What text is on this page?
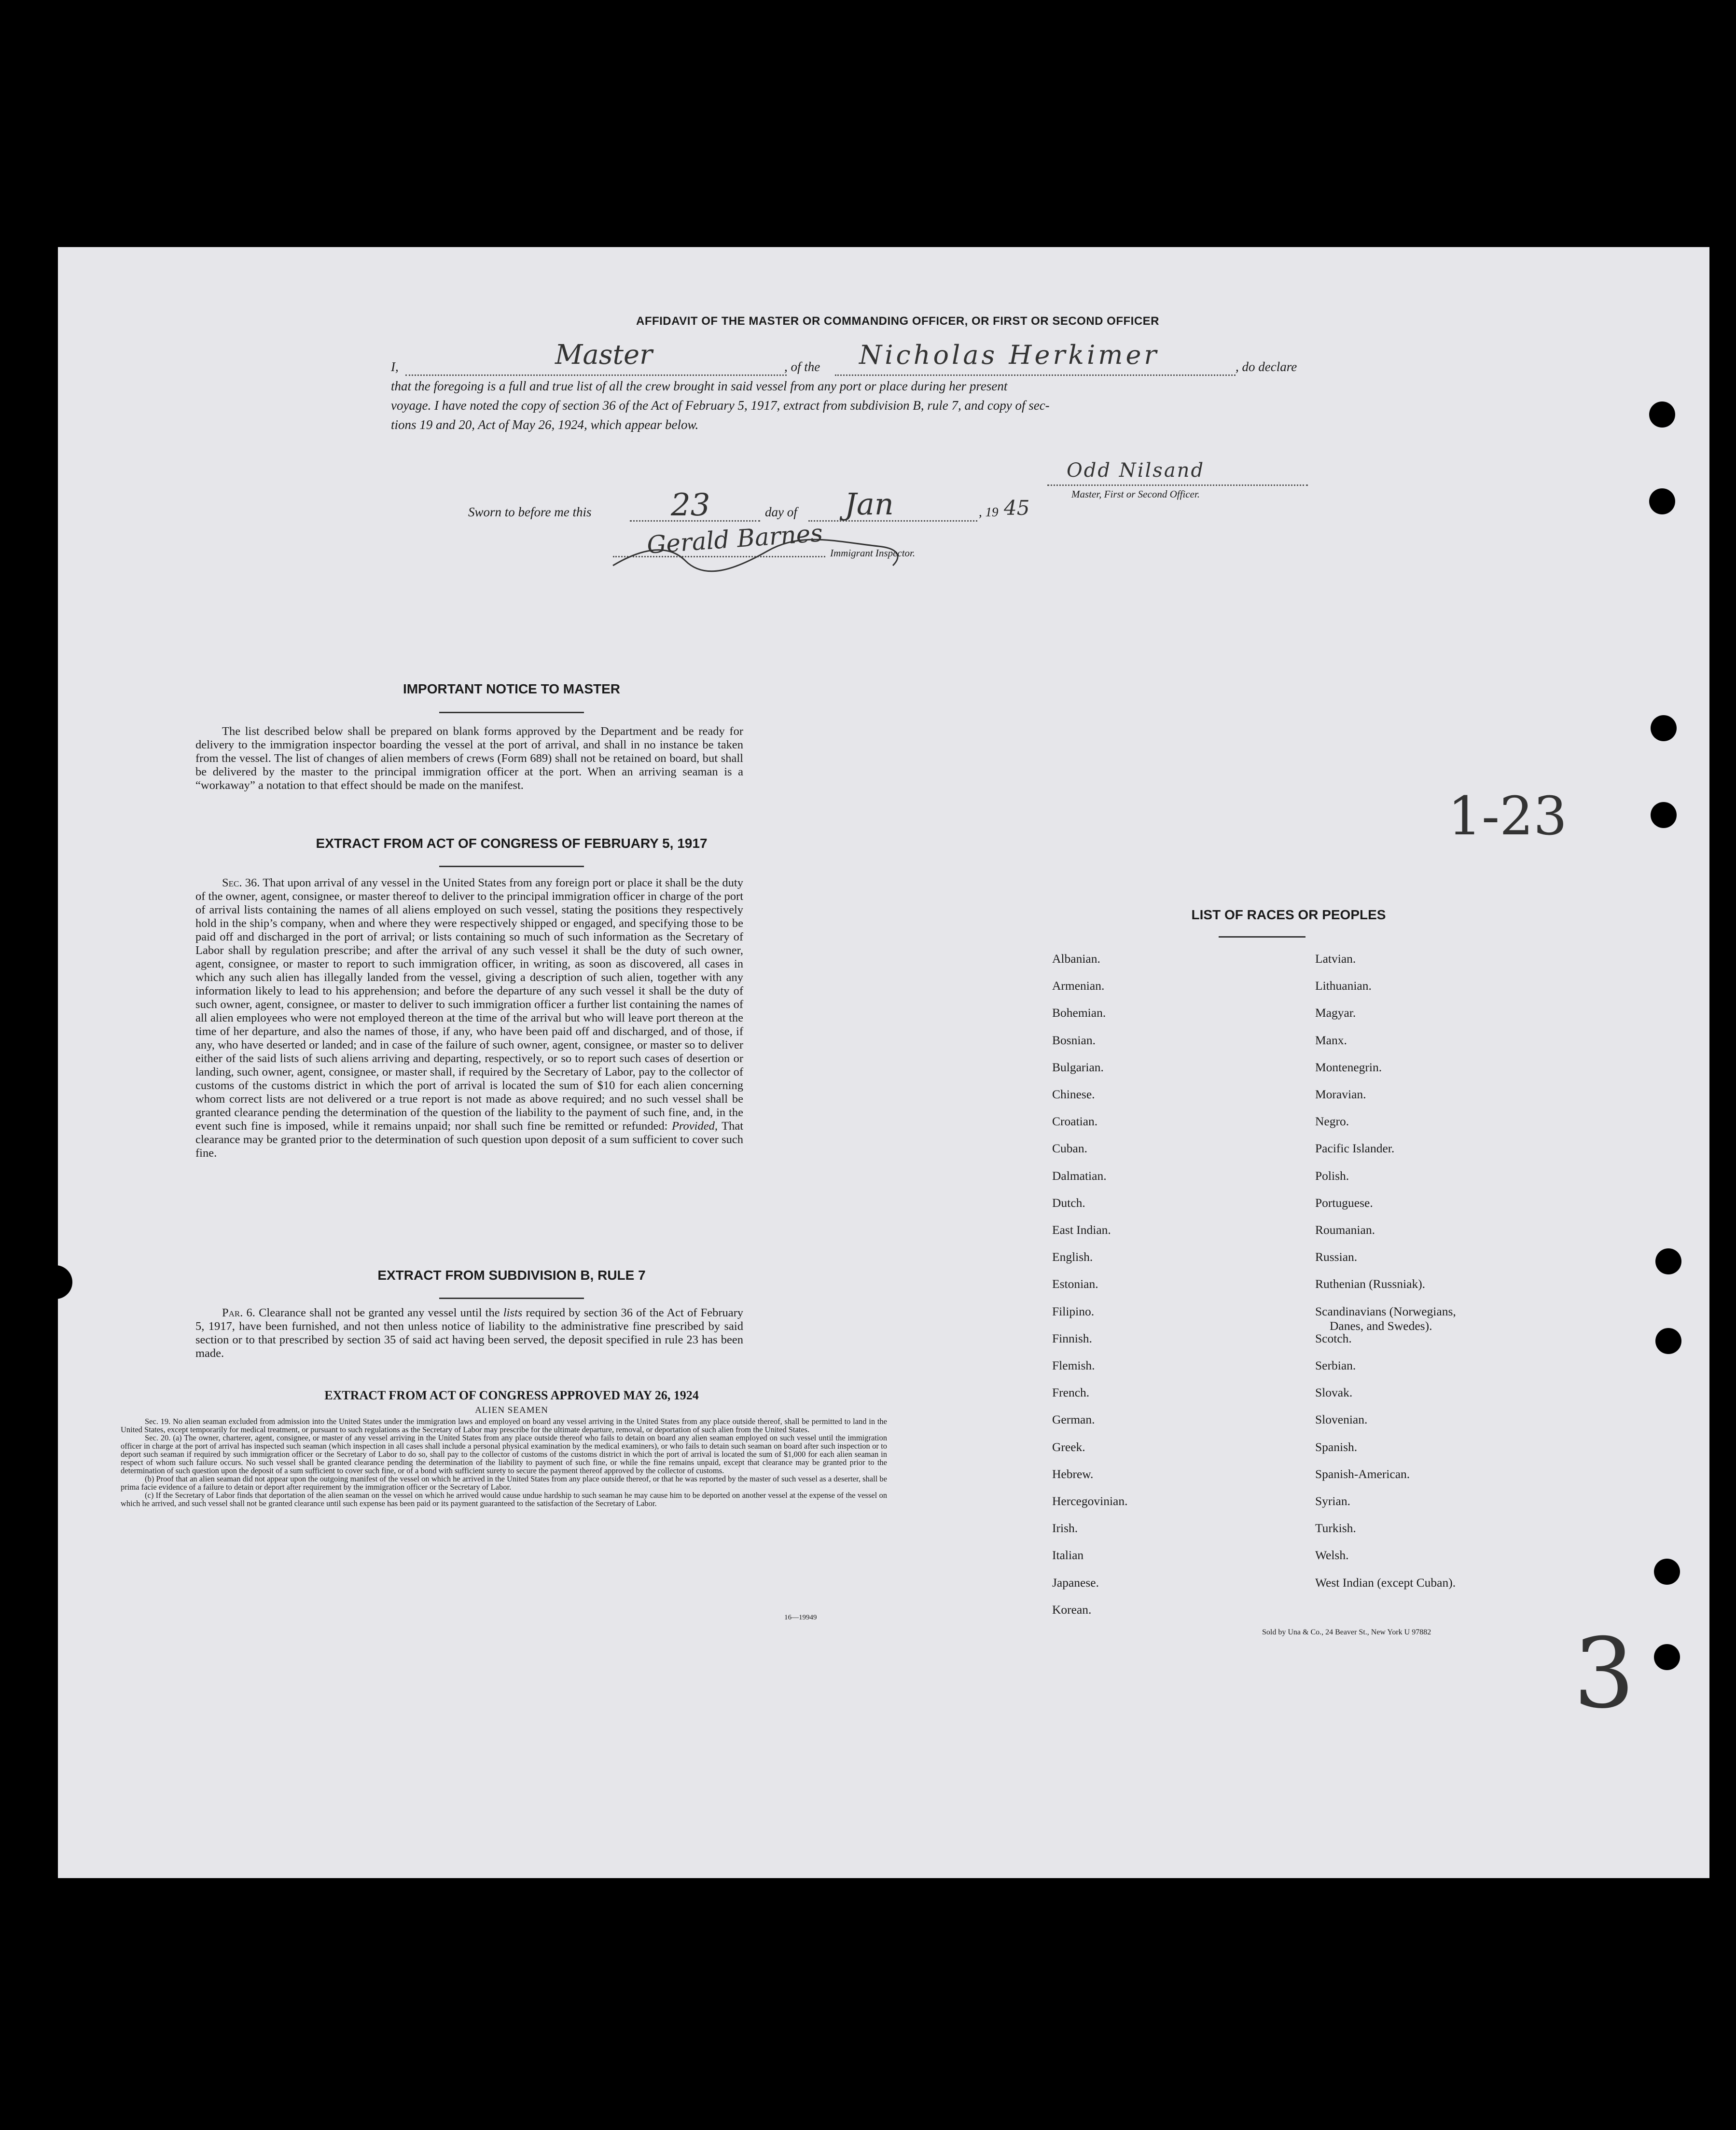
AFFIDAVIT OF THE MASTER OR COMMANDING OFFICER, OR FIRST OR SECOND OFFICER
I,	Master	, of the Nicholas Herkimer	, do declare
that the foregoing is a full and true list of all the crew brought in said vessel from any port or place during her present
voyage. I have noted the copy of section 36 of the Act of February 5, 1917, extract from subdivision B, rule 7, and copy of sec-
tions 19 and 20, Act of May 26, 1924, which appear below.
Odd Nilsand
Master, First or Second Officer.
Sworn to before me this	23	day of Jan	, 19 45
Gerald Barnes Immigrant Inspector.
IMPORTANT NOTICE TO MASTER
The list described below shall be prepared on blank forms approved by the Department and be ready for delivery to the immigration inspector boarding the vessel at the port of arrival, and shall in no instance be taken from the vessel. The list of changes of alien members of crews (Form 689) shall not be retained on board, but shall be delivered by the master to the principal immigration officer at the port. When an arriving seaman is a “workaway” a notation to that effect should be made on the manifest.
EXTRACT FROM ACT OF CONGRESS OF FEBRUARY 5, 1917
Sec. 36. That upon arrival of any vessel in the United States from any foreign port or place it shall be the duty of the owner, agent, consignee, or master thereof to deliver to the principal immigration officer in charge of the port of arrival lists containing the names of all aliens employed on such vessel, stating the positions they respectively hold in the ship’s company, when and where they were respectively shipped or engaged, and specifying those to be paid off and discharged in the port of arrival; or lists containing so much of such information as the Secretary of Labor shall by regulation prescribe; and after the arrival of any such vessel it shall be the duty of such owner, agent, consignee, or master to report to such immigration officer, in writing, as soon as discovered, all cases in which any such alien has illegally landed from the vessel, giving a description of such alien, together with any information likely to lead to his apprehension; and before the departure of any such vessel it shall be the duty of such owner, agent, consignee, or master to deliver to such immigration officer a further list containing the names of all alien employees who were not employed thereon at the time of the arrival but who will leave port thereon at the time of her departure, and also the names of those, if any, who have been paid off and discharged, and of those, if any, who have deserted or landed; and in case of the failure of such owner, agent, consignee, or master so to deliver either of the said lists of such aliens arriving and departing, respectively, or so to report such cases of desertion or landing, such owner, agent, consignee, or master shall, if required by the Secretary of Labor, pay to the collector of customs of the customs district in which the port of arrival is located the sum of $10 for each alien concerning whom correct lists are not delivered or a true report is not made as above required; and no such vessel shall be granted clearance pending the determination of the question of the liability to the payment of such fine, and, in the event such fine is imposed, while it remains unpaid; nor shall such fine be remitted or refunded: Provided, That clearance may be granted prior to the determination of such question upon deposit of a sum sufficient to cover such fine.
EXTRACT FROM SUBDIVISION B, RULE 7
Par. 6. Clearance shall not be granted any vessel until the lists required by section 36 of the Act of February 5, 1917, have been furnished, and not then unless notice of liability to the administrative fine prescribed by said section or to that prescribed by section 35 of said act having been served, the deposit specified in rule 23 has been made.
EXTRACT FROM ACT OF CONGRESS APPROVED MAY 26, 1924
ALIEN SEAMEN
Sec. 19. No alien seaman excluded from admission into the United States under the immigration laws and employed on board any vessel arriving in the United States from any place outside thereof, shall be permitted to land in the United States, except temporarily for medical treatment, or pursuant to such regulations as the Secretary of Labor may prescribe for the ultimate departure, removal, or deportation of such alien from the United States.
Sec. 20. (a) The owner, charterer, agent, consignee, or master of any vessel arriving in the United States from any place outside thereof who fails to detain on board any alien seaman employed on such vessel until the immigration officer in charge at the port of arrival has inspected such seaman (which inspection in all cases shall include a personal physical examination by the medical examiners), or who fails to detain such seaman on board after such inspection or to deport such seaman if required by such immigration officer or the Secretary of Labor to do so, shall pay to the collector of customs of the customs district in which the port of arrival is located the sum of $1,000 for each alien seaman in respect of whom such failure occurs. No such vessel shall be granted clearance pending the determination of the liability to payment of such fine, or while the fine remains unpaid, except that clearance may be granted prior to the determination of such question upon the deposit of a sum sufficient to cover such fine, or of a bond with sufficient surety to secure the payment thereof approved by the collector of customs.
(b) Proof that an alien seaman did not appear upon the outgoing manifest of the vessel on which he arrived in the United States from any place outside thereof, or that he was reported by the master of such vessel as a deserter, shall be prima facie evidence of a failure to detain or deport after requirement by the immigration officer or the Secretary of Labor.
(c) If the Secretary of Labor finds that deportation of the alien seaman on the vessel on which he arrived would cause undue hardship to such seaman he may cause him to be deported on another vessel at the expense of the vessel on which he arrived, and such vessel shall not be granted clearance until such expense has been paid or its payment guaranteed to the satisfaction of the Secretary of Labor.
16—19949
LIST OF RACES OR PEOPLES
Albanian.
Armenian.
Bohemian.
Bosnian.
Bulgarian.
Chinese.
Croatian.
Cuban.
Dalmatian.
Dutch.
East Indian.
English.
Estonian.
Filipino.
Finnish.
Flemish.
French.
German.
Greek.
Hebrew.
Hercegovinian.
Irish.
Italian
Japanese.
Korean.
Latvian.
Lithuanian.
Magyar.
Manx.
Montenegrin.
Moravian.
Negro.
Pacific Islander.
Polish.
Portuguese.
Roumanian.
Russian.
Ruthenian (Russniak).
Scandinavians (Norwegians,
Danes, and Swedes).
Scotch.
Serbian.
Slovak.
Slovenian.
Spanish.
Spanish-American.
Syrian.
Turkish.
Welsh.
West Indian (except Cuban).
Sold by Una & Co., 24 Beaver St., New York U 97882
1-23
3
